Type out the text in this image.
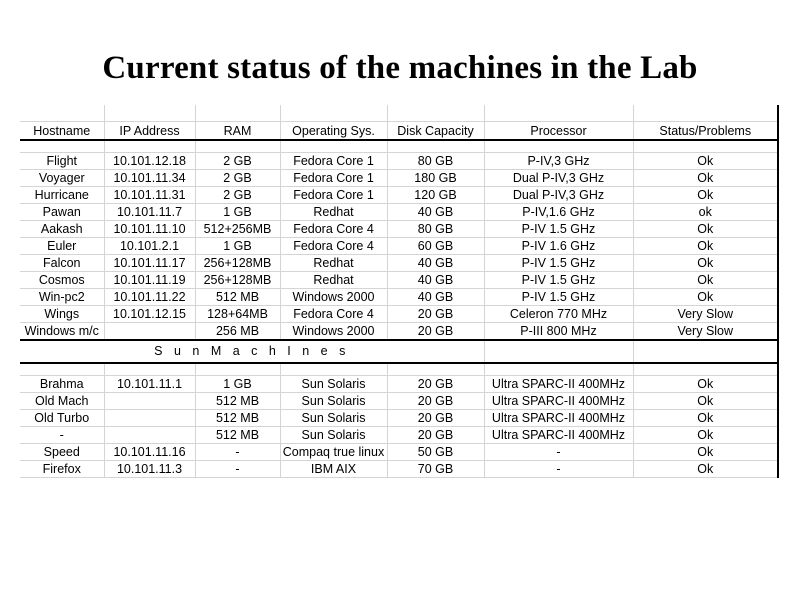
Current status of the machines in the Lab

Hostname	IP Address	RAM	Operating Sys.	Disk Capacity	Processor	Status/Problems

Flight	10.101.12.18	2 GB	Fedora Core 1	80 GB	P-IV,3 GHz	Ok
Voyager	10.101.11.34	2 GB	Fedora Core 1	180 GB	Dual P-IV,3 GHz	Ok
Hurricane	10.101.11.31	2 GB	Fedora Core 1	120 GB	Dual P-IV,3 GHz	Ok
Pawan	10.101.11.7	1 GB	Redhat	40 GB	P-IV,1.6 GHz	ok
Aakash	10.101.11.10	512+256MB	Fedora Core 4	80 GB	P-IV 1.5 GHz	Ok
Euler	10.101.2.1	1 GB	Fedora Core 4	60 GB	P-IV 1.6 GHz	Ok
Falcon	10.101.11.17	256+128MB	Redhat	40 GB	P-IV 1.5 GHz	Ok
Cosmos	10.101.11.19	256+128MB	Redhat	40 GB	P-IV 1.5 GHz	Ok
Win-pc2	10.101.11.22	512 MB	Windows 2000	40 GB	P-IV 1.5 GHz	Ok
Wings	10.101.12.15	128+64MB	Fedora Core 4	20 GB	Celeron 770 MHz	Very Slow
Windows m/c		256 MB	Windows 2000	20 GB	P-III 800 MHz	Very Slow
S u n M a c h I n e s						

Brahma	10.101.11.1	1 GB	Sun Solaris	20 GB	Ultra SPARC-II 400MHz	Ok
Old Mach		512 MB	Sun Solaris	20 GB	Ultra SPARC-II 400MHz	Ok
Old Turbo		512 MB	Sun Solaris	20 GB	Ultra SPARC-II 400MHz	Ok
-		512 MB	Sun Solaris	20 GB	Ultra SPARC-II 400MHz	Ok
Speed	10.101.11.16	-	Compaq true linux	50 GB	-	Ok
Firefox	10.101.11.3	-	IBM AIX	70 GB	-	Ok
